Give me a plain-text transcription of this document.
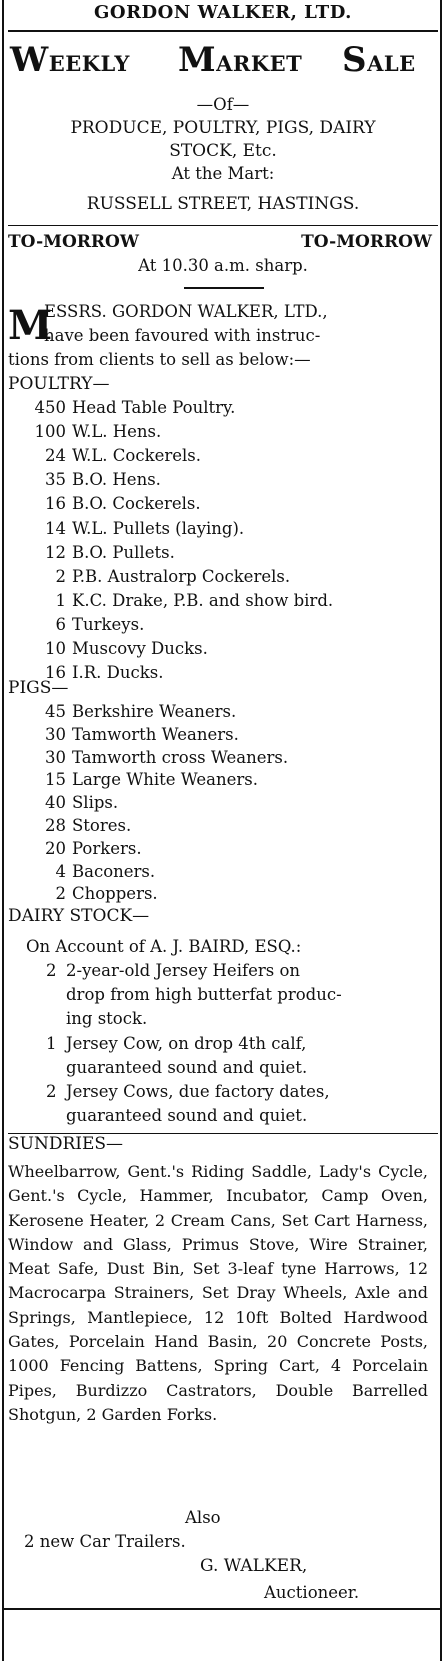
GORDON WALKER, LTD.
WEEKLY MARKET SALE
—Of—
PRODUCE, POULTRY, PIGS, DAIRY
STOCK, Etc.
At the Mart:
RUSSELL STREET, HASTINGS.
TO-MORROW	TO-MORROW
At 10.30 a.m. sharp.
M
ESSRS. GORDON WALKER, LTD.,
have been favoured with instruc-
tions from clients to sell as below:—
POULTRY—
450 Head Table Poultry.
100 W.L. Hens.
24 W.L. Cockerels.
35 B.O. Hens.
16 B.O. Cockerels.
14 W.L. Pullets (laying).
12 B.O. Pullets.
2 P.B. Australorp Cockerels.
1 K.C. Drake, P.B. and show bird.
6 Turkeys.
10 Muscovy Ducks.
16 I.R. Ducks.
PIGS—
45 Berkshire Weaners.
30 Tamworth Weaners.
30 Tamworth cross Weaners.
15 Large White Weaners.
40 Slips.
28 Stores.
20 Porkers.
4 Baconers.
2 Choppers.
DAIRY STOCK—
On Account of A. J. BAIRD, ESQ.:
2 2-year-old Jersey Heifers on
drop from high butterfat produc-
ing stock.
1 Jersey Cow, on drop 4th calf,
guaranteed sound and quiet.
2 Jersey Cows, due factory dates,
guaranteed sound and quiet.
SUNDRIES—
Wheelbarrow, Gent.'s Riding Saddle, Lady's Cycle, Gent.'s Cycle, Hammer, Incubator, Camp Oven, Kerosene Heater, 2 Cream Cans, Set Cart Harness, Window and Glass, Primus Stove, Wire Strainer, Meat Safe, Dust Bin, Set 3-leaf tyne Harrows, 12 Macrocarpa Strainers, Set Dray Wheels, Axle and Springs, Mantlepiece, 12 10ft Bolted Hardwood Gates, Porcelain Hand Basin, 20 Concrete Posts, 1000 Fencing Battens, Spring Cart, 4 Porcelain Pipes, Burdizzo Castrators, Double Barrelled Shotgun, 2 Garden Forks.
Also
2 new Car Trailers.
G. WALKER,
Auctioneer.
